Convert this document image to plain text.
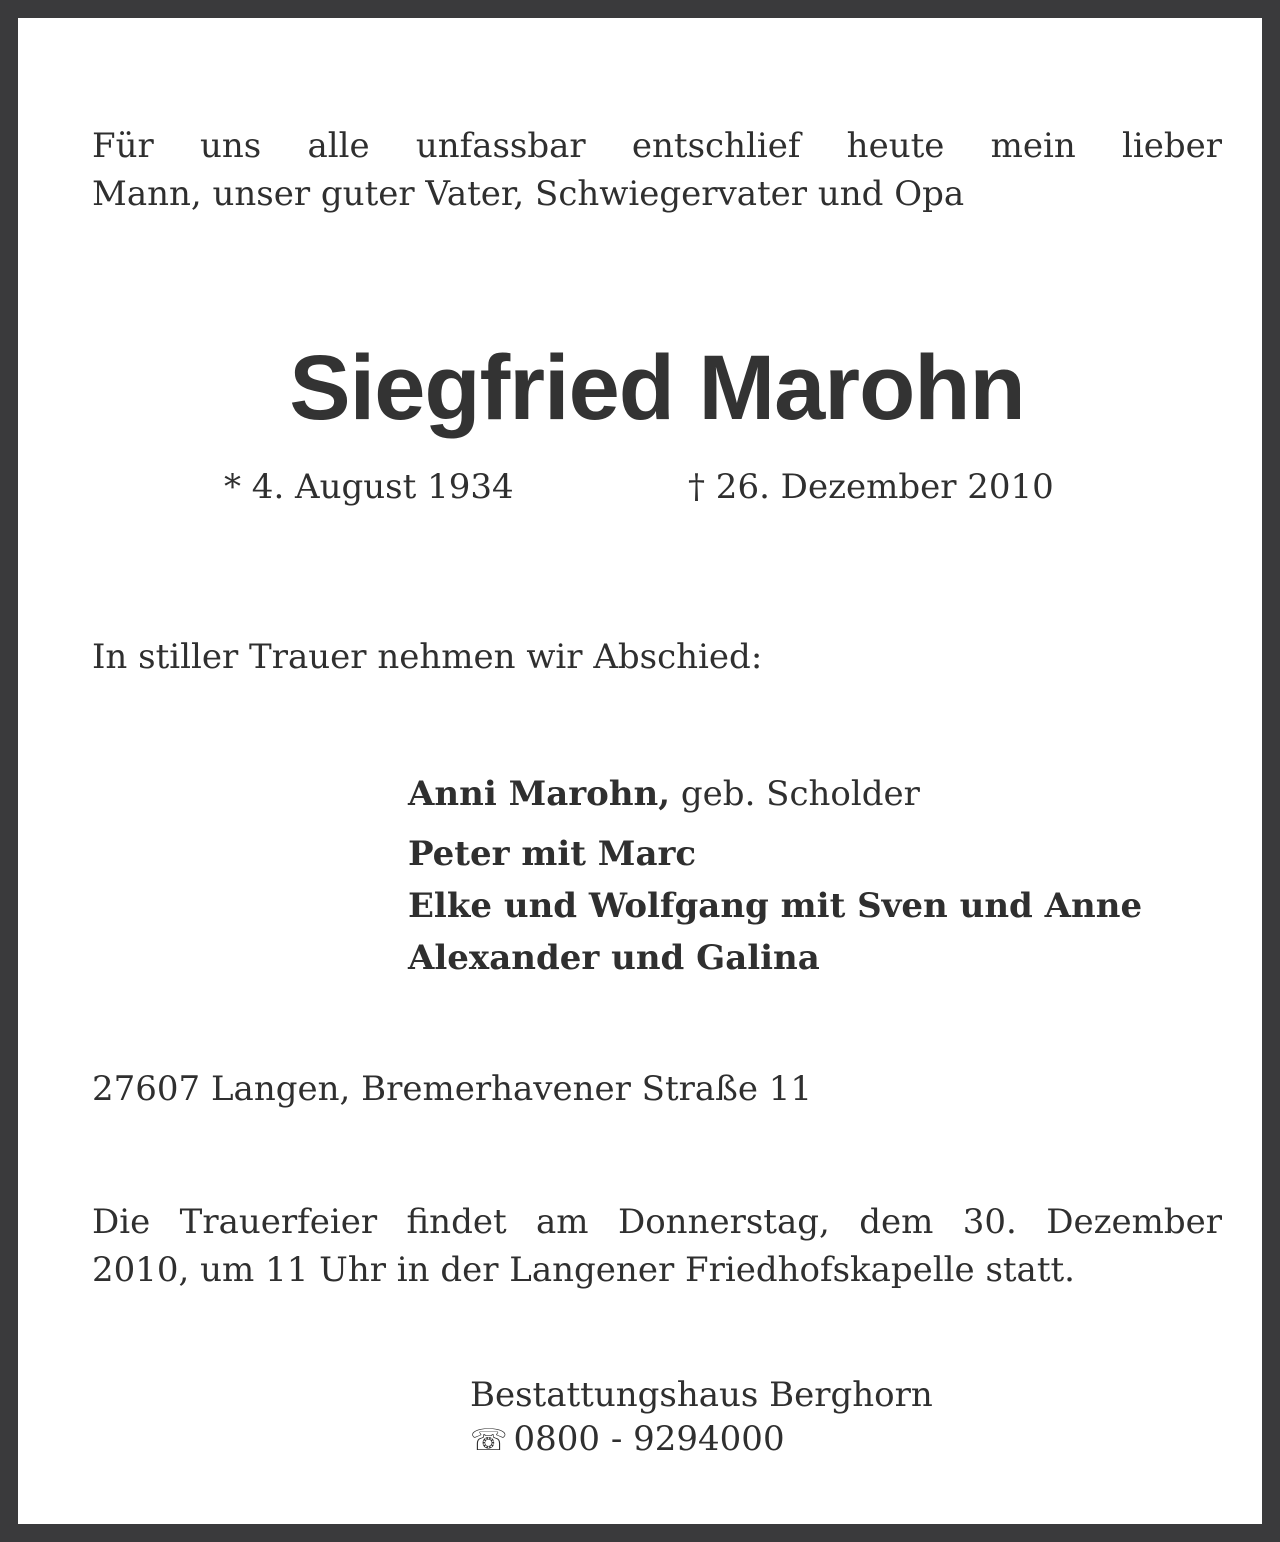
Für uns alle unfassbar entschlief heute mein lieber
Mann, unser guter Vater, Schwiegervater und Opa
Siegfried Marohn
* 4. August 1934	† 26. Dezember 2010
In stiller Trauer nehmen wir Abschied:
Anni Marohn, geb. Scholder
Peter mit Marc
Elke und Wolfgang mit Sven und Anne
Alexander und Galina
27607 Langen, Bremerhavener Straße 11
Die Trauerfeier findet am Donnerstag, dem 30. Dezember
2010, um 11 Uhr in der Langener Friedhofskapelle statt.
Bestattungshaus Berghorn
☏ 0800 - 9294000
